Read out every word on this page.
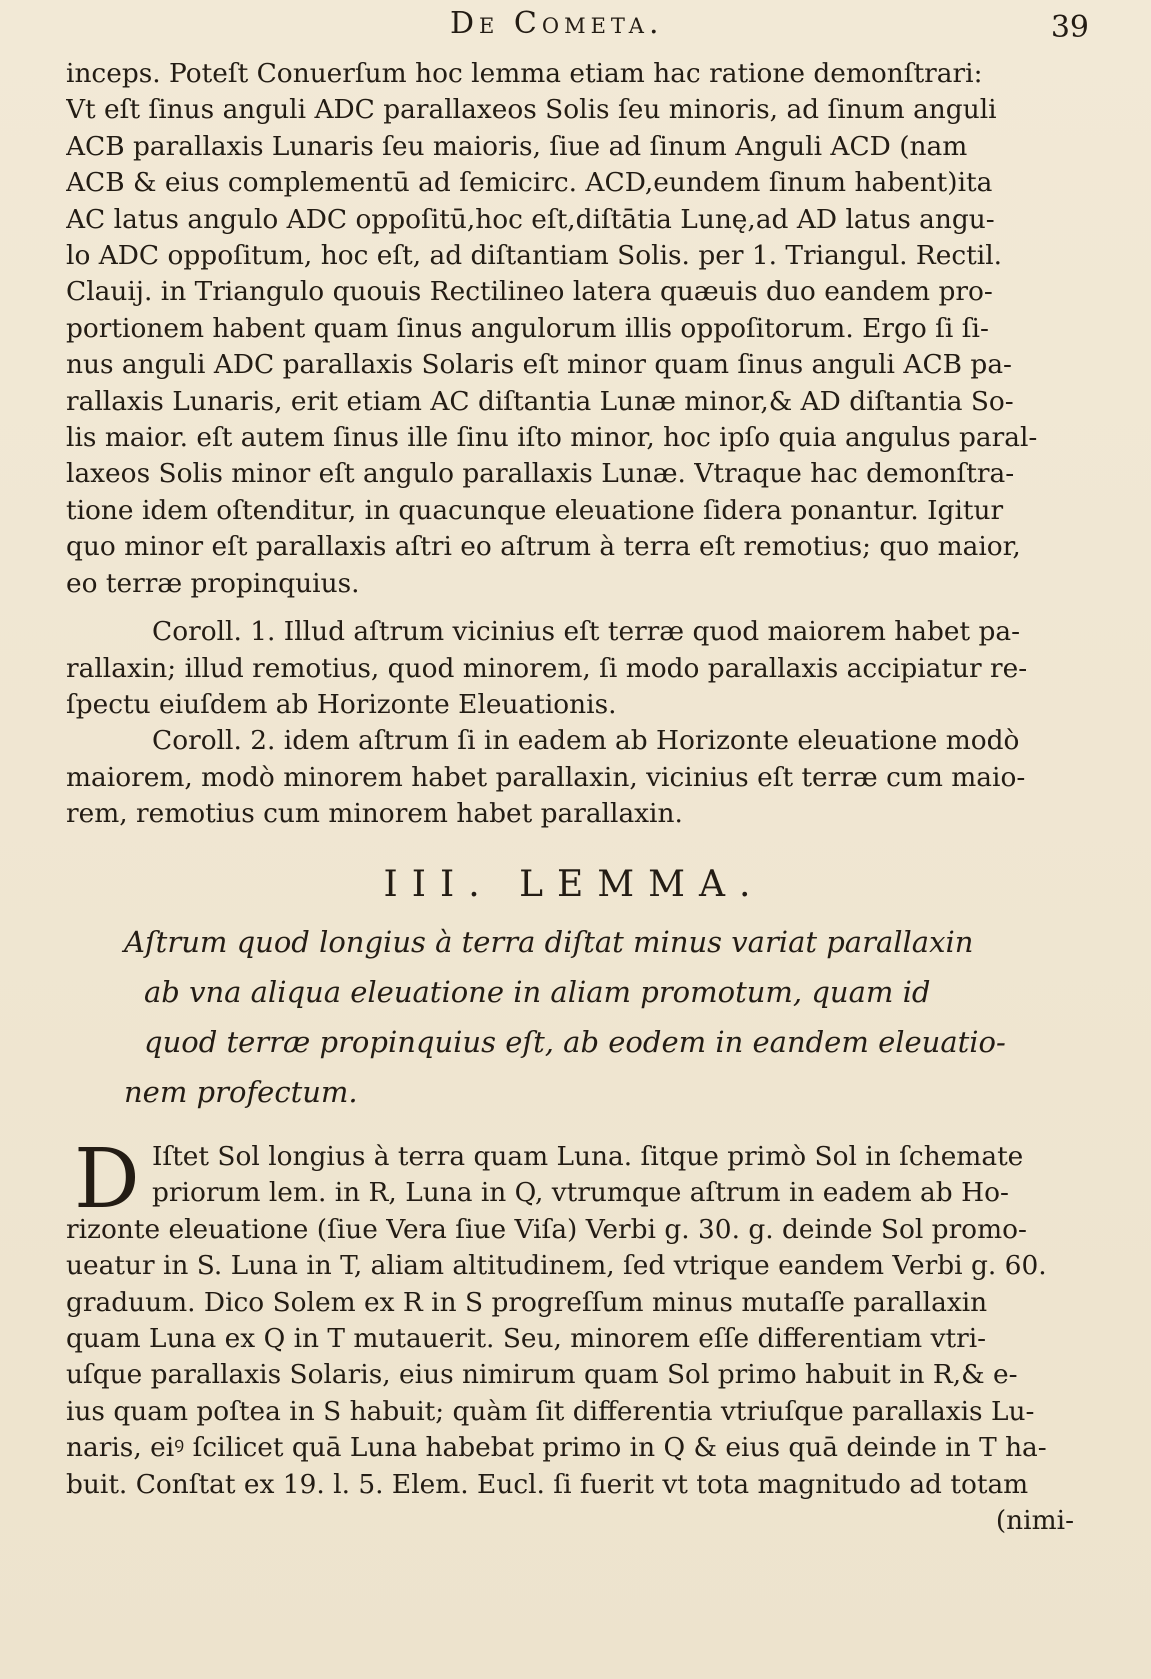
De Cometa.	39
inceps. Poteſt Conuerſum hoc lemma etiam hac ratione demonſtrari:
Vt eſt ſinus anguli ADC parallaxeos Solis ſeu minoris, ad ſinum anguli
ACB parallaxis Lunaris ſeu maioris, ſiue ad ſinum Anguli ACD (nam
ACB & eius complementū ad ſemicirc. ACD,eundem ſinum habent)ita
AC latus angulo ADC oppoſitū,hoc eſt,diſtātia Lunę,ad AD latus angu-
lo ADC oppoſitum, hoc eſt, ad diſtantiam Solis. per 1. Triangul. Rectil.
Clauij. in Triangulo quouis Rectilineo latera quæuis duo eandem pro-
portionem habent quam ſinus angulorum illis oppoſitorum. Ergo ſi ſi-
nus anguli ADC parallaxis Solaris eſt minor quam ſinus anguli ACB pa-
rallaxis Lunaris, erit etiam AC diſtantia Lunæ minor,& AD diſtantia So-
lis maior. eſt autem ſinus ille ſinu iſto minor, hoc ipſo quia angulus paral-
laxeos Solis minor eſt angulo parallaxis Lunæ. Vtraque hac demonſtra-
tione idem oſtenditur, in quacunque eleuatione ſidera ponantur. Igitur
quo minor eſt parallaxis aſtri eo aſtrum à terra eſt remotius; quo maior,
eo terræ propinquius.
Coroll. 1. Illud aſtrum vicinius eſt terræ quod maiorem habet pa-
rallaxin; illud remotius, quod minorem, ſi modo parallaxis accipiatur re-
ſpectu eiuſdem ab Horizonte Eleuationis.
Coroll. 2. idem aſtrum ſi in eadem ab Horizonte eleuatione modò
maiorem, modò minorem habet parallaxin, vicinius eſt terræ cum maio-
rem, remotius cum minorem habet parallaxin.
III. LEMMA.
Aſtrum quod longius à terra diſtat minus variat parallaxin
ab vna aliqua eleuatione in aliam promotum, quam id
quod terræ propinquius eſt, ab eodem in eandem eleuatio-
nem profectum.
D Iſtet Sol longius à terra quam Luna. ſitque primò Sol in ſchemate
priorum lem. in R, Luna in Q, vtrumque aſtrum in eadem ab Ho-
rizonte eleuatione (ſiue Vera ſiue Viſa) Verbi g. 30. g. deinde Sol promo-
ueatur in S. Luna in T, aliam altitudinem, ſed vtrique eandem Verbi g. 60.
graduum. Dico Solem ex R in S progreſſum minus mutaſſe parallaxin
quam Luna ex Q in T mutauerit. Seu, minorem eſſe differentiam vtri-
uſque parallaxis Solaris, eius nimirum quam Sol primo habuit in R,& e-
ius quam poſtea in S habuit; quàm ſit differentia vtriuſque parallaxis Lu-
naris, eiꝰ ſcilicet quā Luna habebat primo in Q & eius quā deinde in T ha-
buit. Conſtat ex 19. l. 5. Elem. Eucl. ſi fuerit vt tota magnitudo ad totam
(nimi-
